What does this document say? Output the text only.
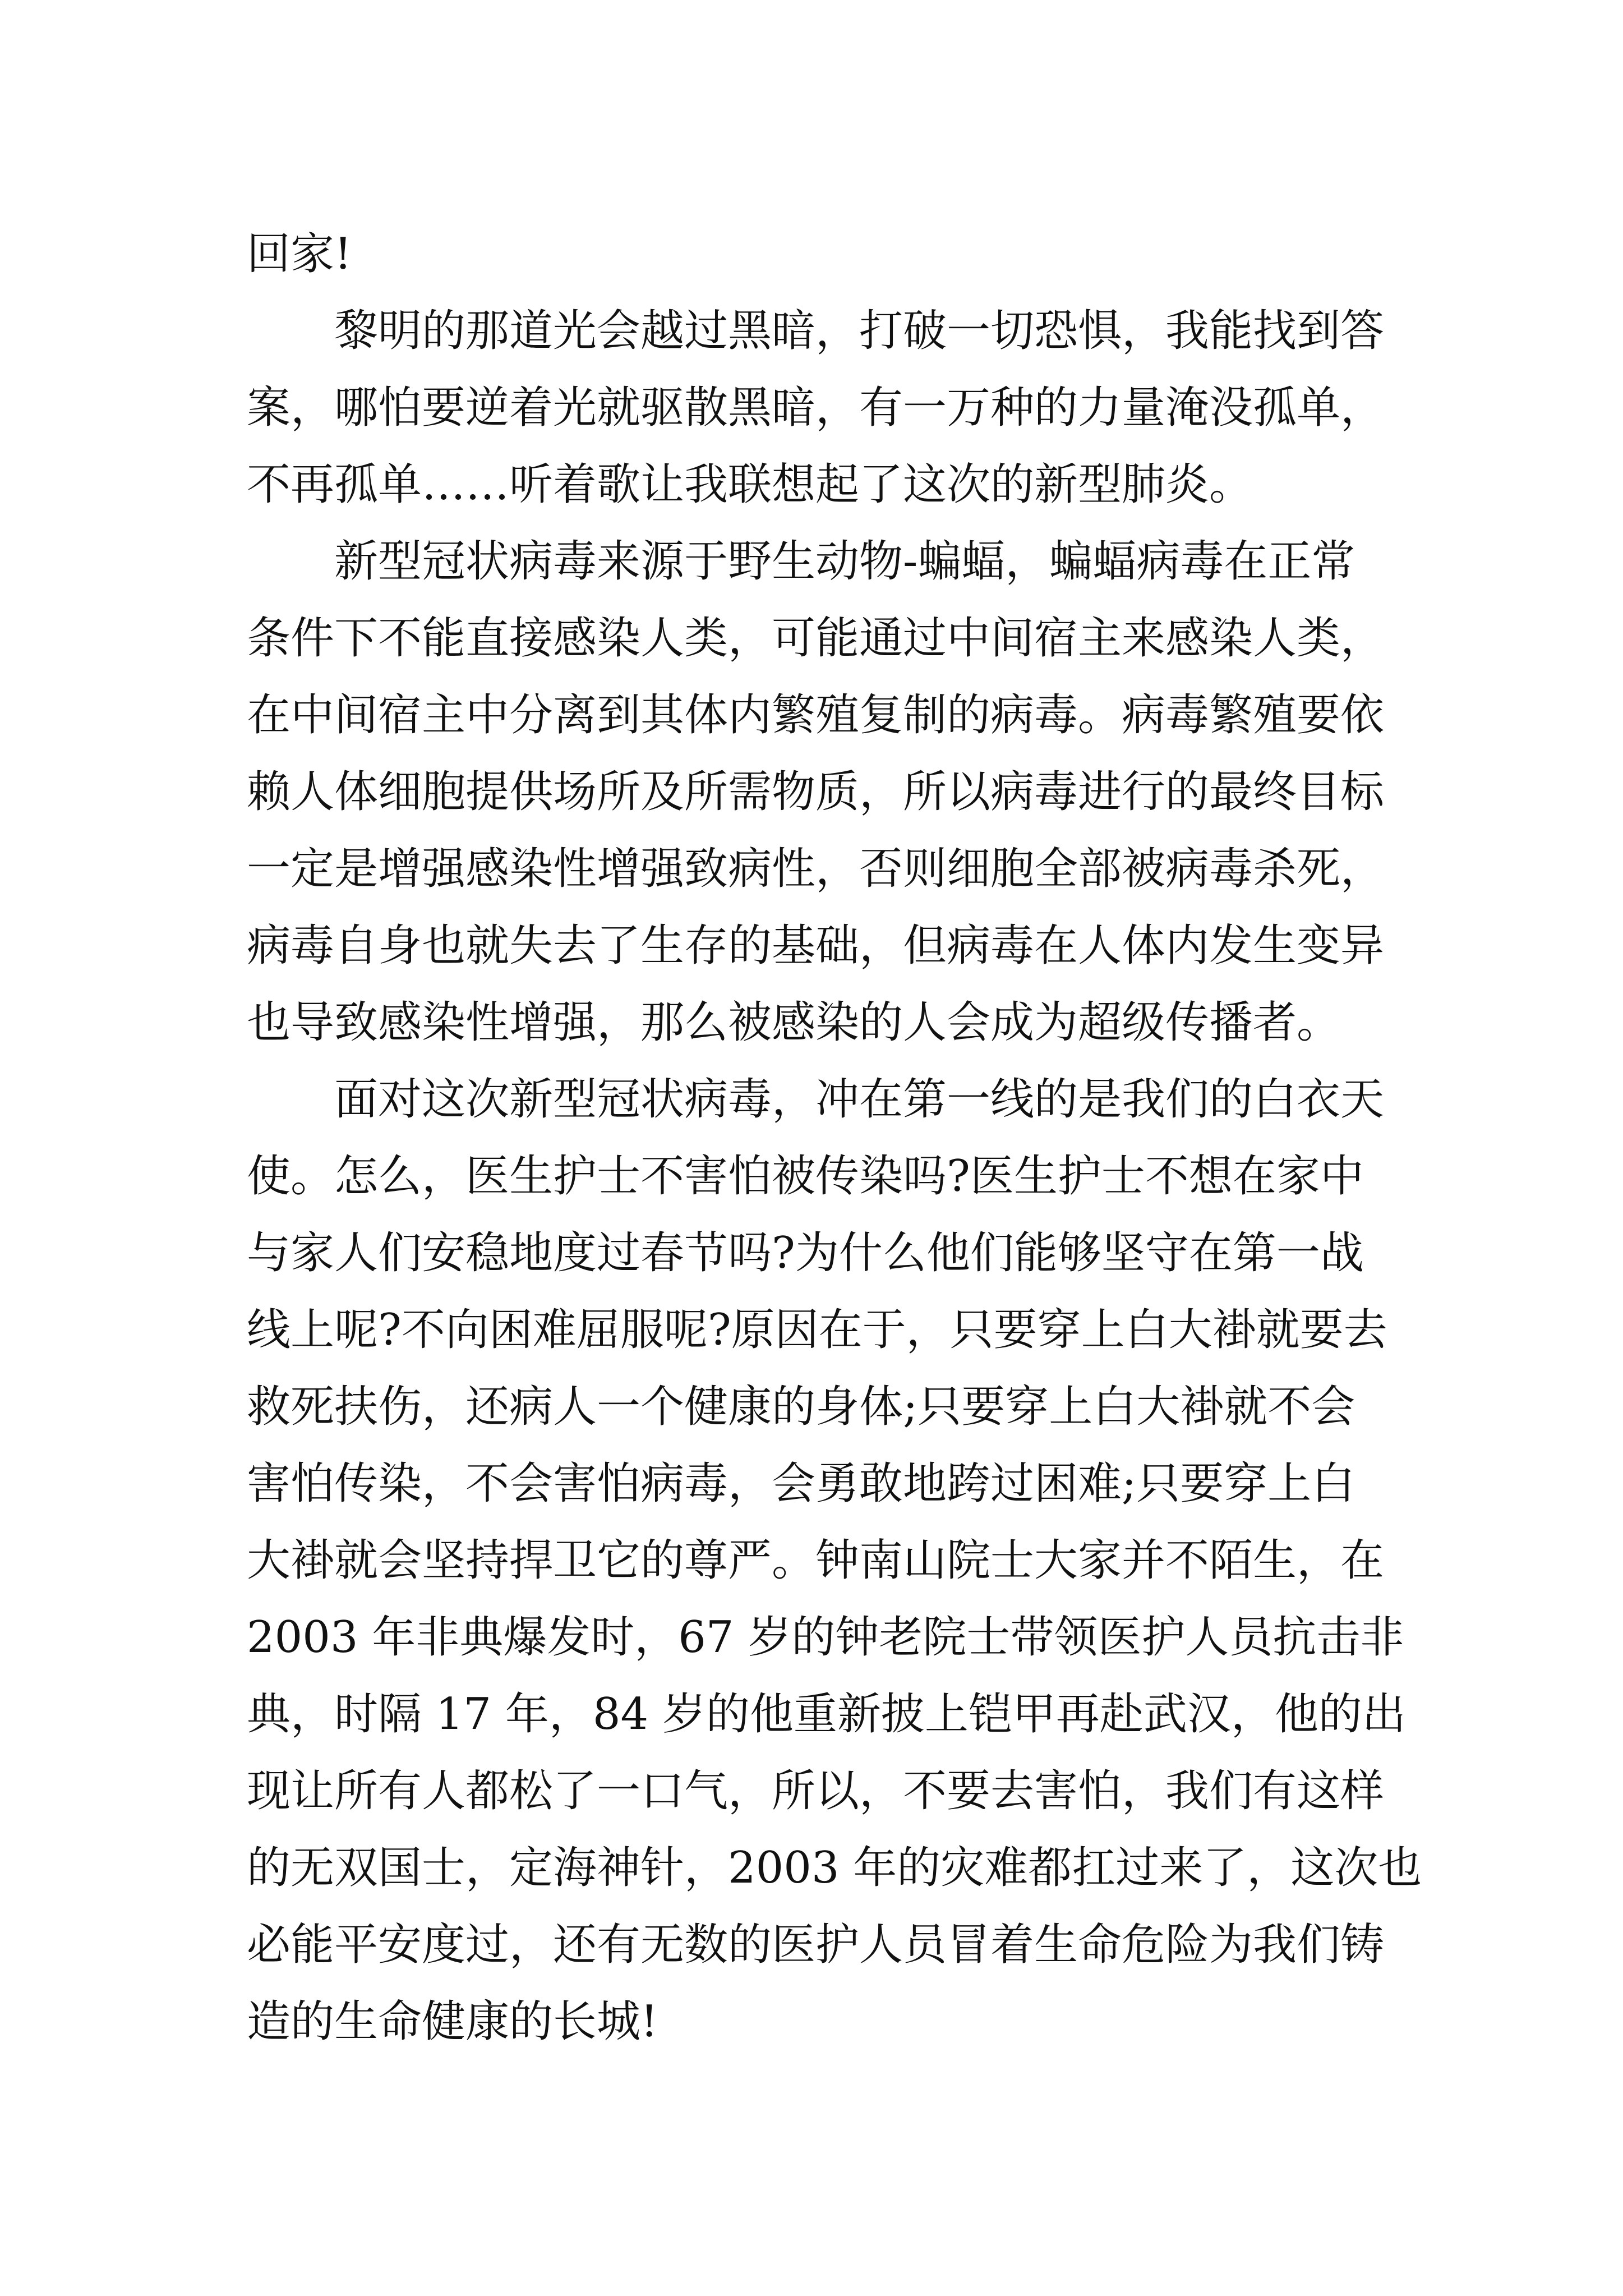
回家!
黎明的那道光会越过黑暗，打破一切恐惧，我能找到答
案，哪怕要逆着光就驱散黑暗，有一万种的力量淹没孤单，
不再孤单……听着歌让我联想起了这次的新型肺炎。
新型冠状病毒来源于野生动物-蝙蝠，蝙蝠病毒在正常
条件下不能直接感染人类，可能通过中间宿主来感染人类，
在中间宿主中分离到其体内繁殖复制的病毒。病毒繁殖要依
赖人体细胞提供场所及所需物质，所以病毒进行的最终目标
一定是增强感染性增强致病性，否则细胞全部被病毒杀死，
病毒自身也就失去了生存的基础，但病毒在人体内发生变异
也导致感染性增强，那么被感染的人会成为超级传播者。
面对这次新型冠状病毒，冲在第一线的是我们的白衣天
使。怎么，医生护士不害怕被传染吗?医生护士不想在家中
与家人们安稳地度过春节吗?为什么他们能够坚守在第一战
线上呢?不向困难屈服呢?原因在于，只要穿上白大褂就要去
救死扶伤，还病人一个健康的身体;只要穿上白大褂就不会
害怕传染，不会害怕病毒，会勇敢地跨过困难;只要穿上白
大褂就会坚持捍卫它的尊严。钟南山院士大家并不陌生，在
2003 年非典爆发时，67 岁的钟老院士带领医护人员抗击非
典，时隔 17 年，84 岁的他重新披上铠甲再赴武汉，他的出
现让所有人都松了一口气，所以，不要去害怕，我们有这样
的无双国士，定海神针，2003 年的灾难都扛过来了，这次也
必能平安度过，还有无数的医护人员冒着生命危险为我们铸
造的生命健康的长城!
